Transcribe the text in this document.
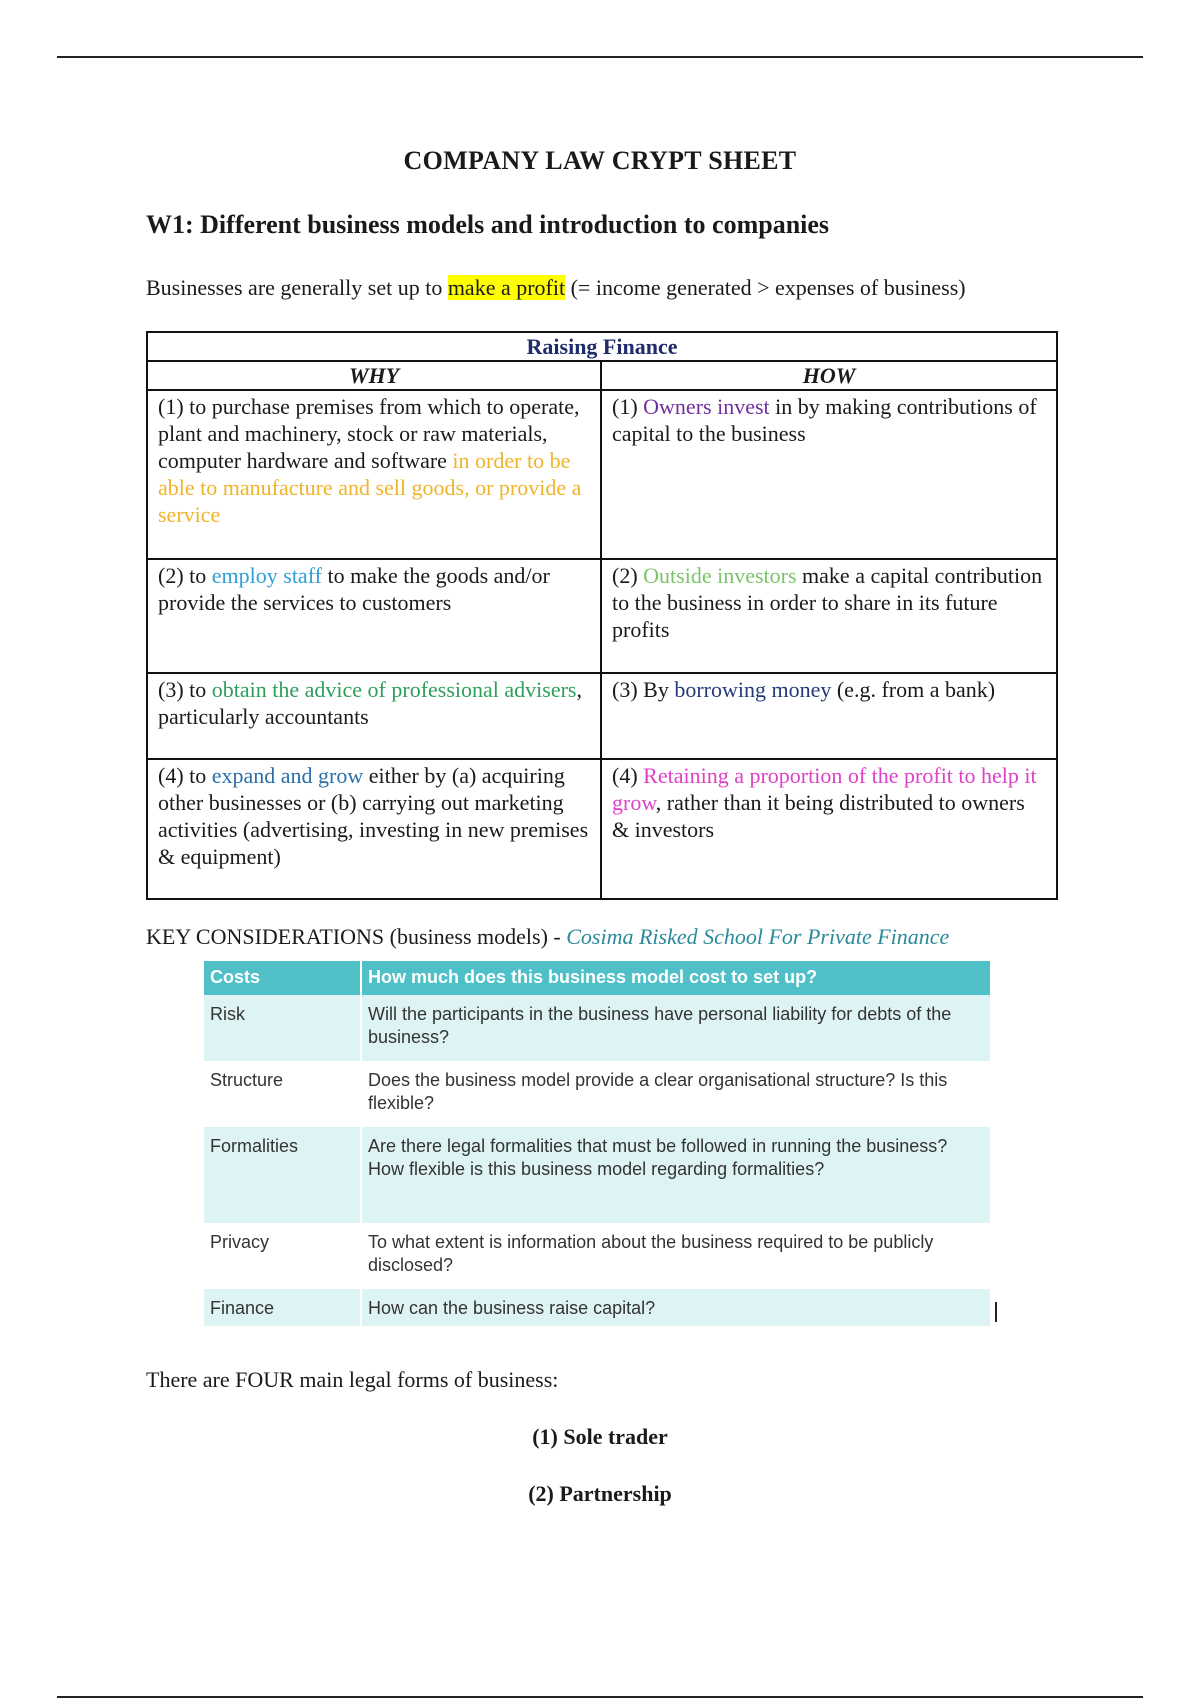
COMPANY LAW CRYPT SHEET
W1: Different business models and introduction to companies
Businesses are generally set up to make a profit (= income generated > expenses of business)
Raising Finance	
WHY	HOW
(1) to purchase premises from which to operate, plant and machinery, stock or raw materials, computer hardware and software in order to be able to manufacture and sell goods, or provide a service	(1) Owners invest in by making contributions of capital to the business
(2) to employ staff to make the goods and/or provide the services to customers	(2) Outside investors make a capital contribution to the business in order to share in its future profits
(3) to obtain the advice of professional advisers, particularly accountants	(3) By borrowing money (e.g. from a bank)
(4) to expand and grow either by (a) acquiring other businesses or (b) carrying out marketing activities (advertising, investing in new premises & equipment)	(4) Retaining a proportion of the profit to help it grow, rather than it being distributed to owners & investors
KEY CONSIDERATIONS (business models) - Cosima Risked School For Private Finance
Costs	How much does this business model cost to set up?
Risk	Will the participants in the business have personal liability for debts of the business?
Structure	Does the business model provide a clear organisational structure? Is this flexible?
Formalities	Are there legal formalities that must be followed in running the business? How flexible is this business model regarding formalities?
Privacy	To what extent is information about the business required to be publicly disclosed?
Finance	How can the business raise capital?
There are FOUR main legal forms of business:
(1) Sole trader
(2) Partnership
